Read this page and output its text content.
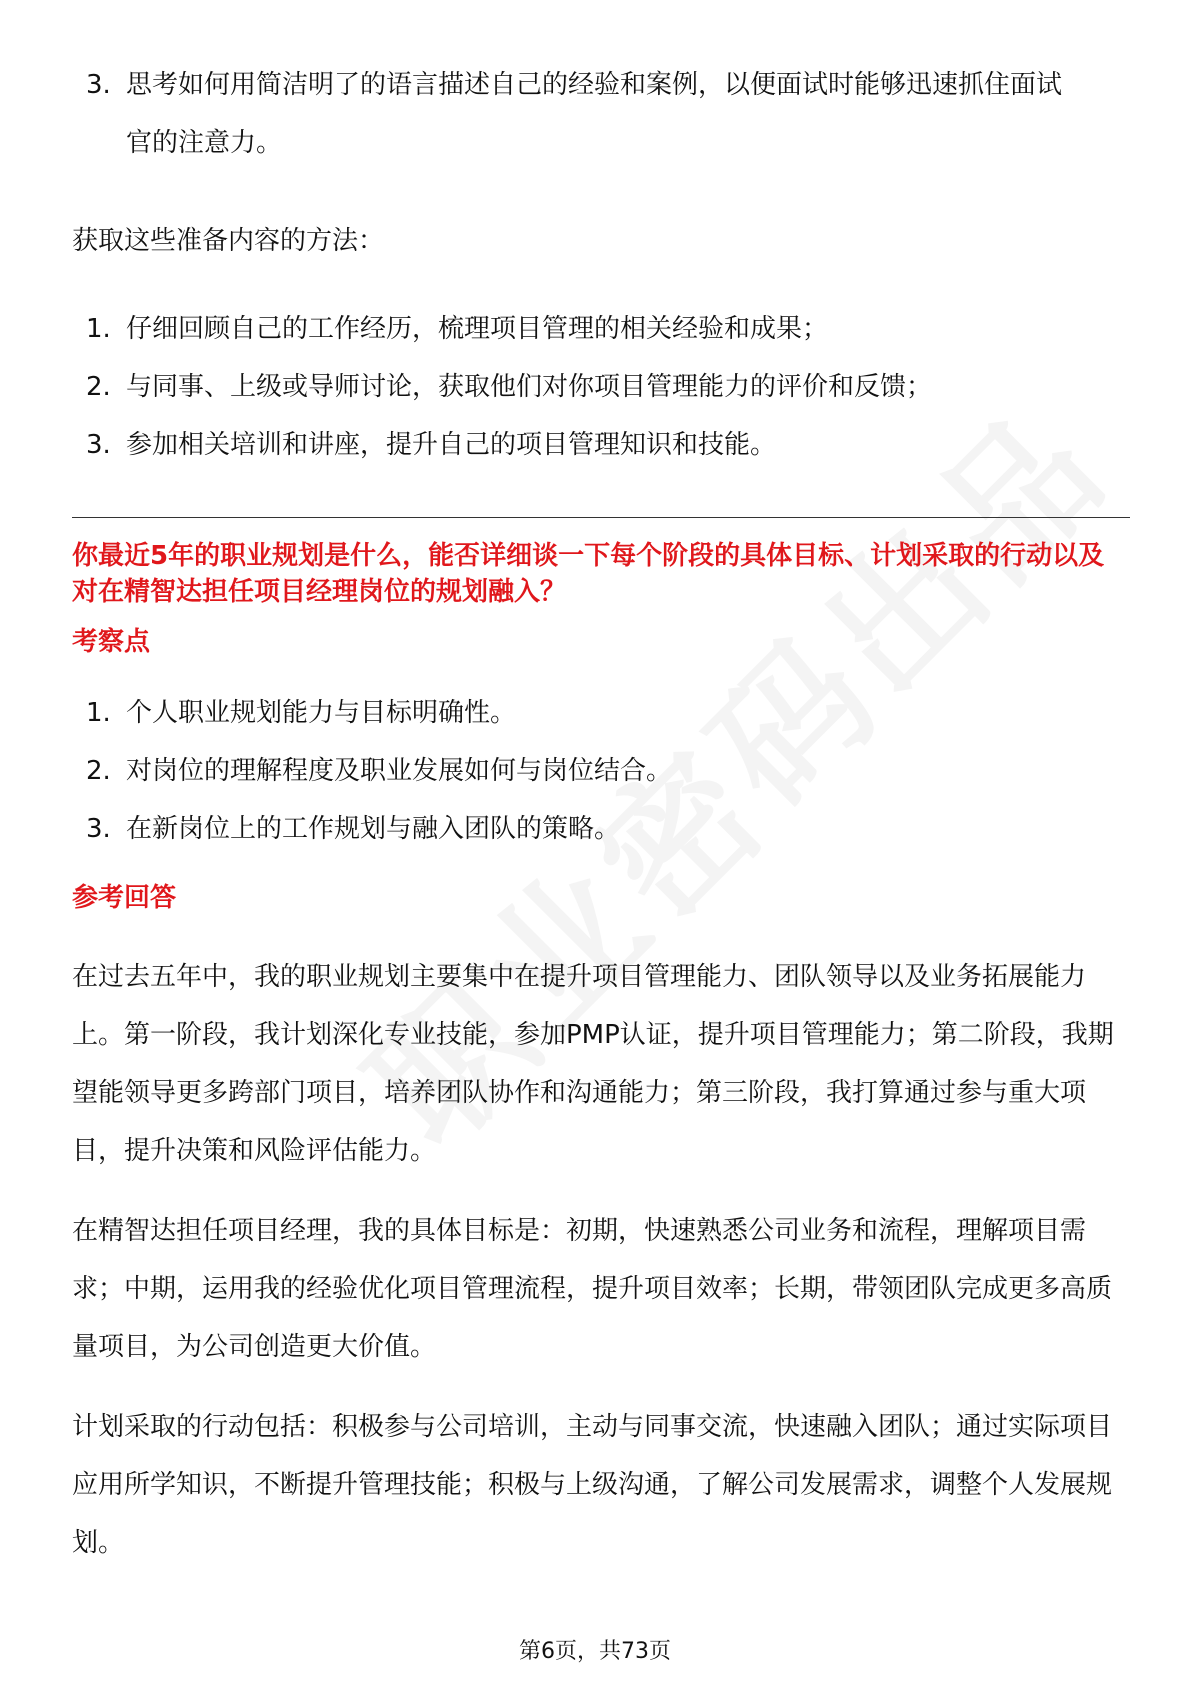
3. 思考如何用简洁明了的语言描述自己的经验和案例，以便面试时能够迅速抓住面试官的注意力。

获取这些准备内容的方法：

1. 仔细回顾自己的工作经历，梳理项目管理的相关经验和成果；
2. 与同事、上级或导师讨论，获取他们对你项目管理能力的评价和反馈；
3. 参加相关培训和讲座，提升自己的项目管理知识和技能。

你最近5年的职业规划是什么，能否详细谈一下每个阶段的具体目标、计划采取的行动以及对在精智达担任项目经理岗位的规划融入？

考察点

1. 个人职业规划能力与目标明确性。
2. 对岗位的理解程度及职业发展如何与岗位结合。
3. 在新岗位上的工作规划与融入团队的策略。

参考回答

在过去五年中，我的职业规划主要集中在提升项目管理能力、团队领导以及业务拓展能力上。第一阶段，我计划深化专业技能，参加PMP认证，提升项目管理能力；第二阶段，我期望能领导更多跨部门项目，培养团队协作和沟通能力；第三阶段，我打算通过参与重大项目，提升决策和风险评估能力。

在精智达担任项目经理，我的具体目标是：初期，快速熟悉公司业务和流程，理解项目需求；中期，运用我的经验优化项目管理流程，提升项目效率；长期，带领团队完成更多高质量项目，为公司创造更大价值。

计划采取的行动包括：积极参与公司培训，主动与同事交流，快速融入团队；通过实际项目应用所学知识，不断提升管理技能；积极与上级沟通，了解公司发展需求，调整个人发展规划。

第6页，共73页
